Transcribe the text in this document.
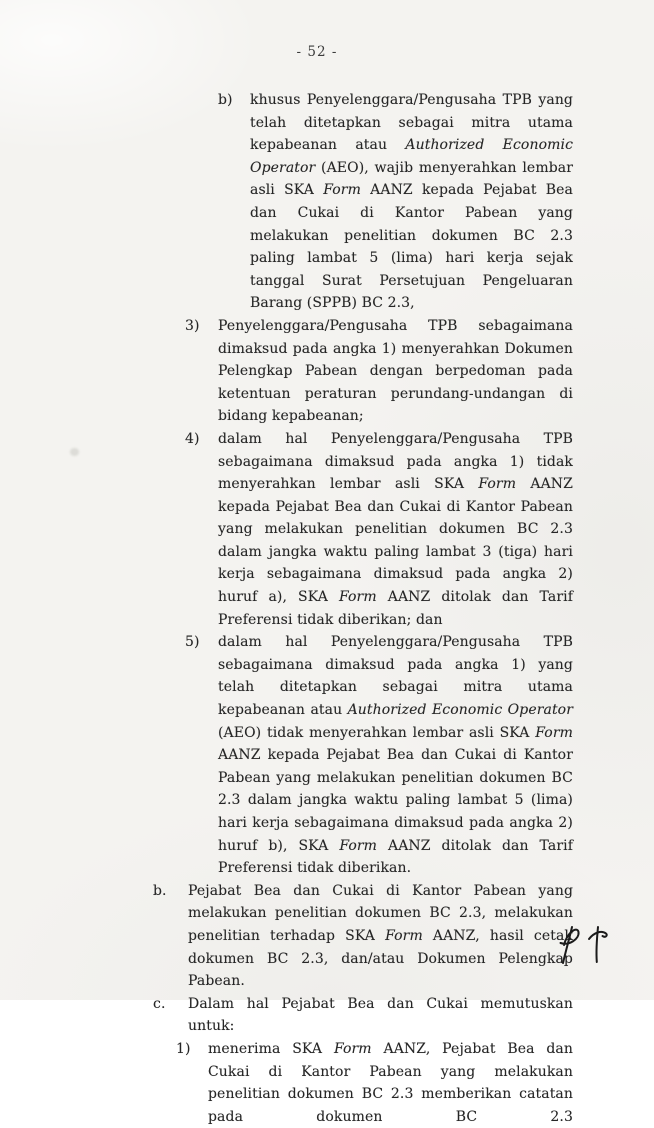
- 52 -
b) khusus Penyelenggara/Pengusaha TPB yang telah ditetapkan sebagai mitra utama kepabeanan atau Authorized Economic Operator (AEO), wajib menyerahkan lembar asli SKA Form AANZ kepada Pejabat Bea dan Cukai di Kantor Pabean yang melakukan penelitian dokumen BC 2.3 paling lambat 5 (lima) hari kerja sejak tanggal Surat Persetujuan Pengeluaran Barang (SPPB) BC 2.3,
3) Penyelenggara/Pengusaha TPB sebagaimana dimaksud pada angka 1) menyerahkan Dokumen Pelengkap Pabean dengan berpedoman pada ketentuan peraturan perundang-undangan di bidang kepabeanan;
4) dalam hal Penyelenggara/Pengusaha TPB sebagaimana dimaksud pada angka 1) tidak menyerahkan lembar asli SKA Form AANZ kepada Pejabat Bea dan Cukai di Kantor Pabean yang melakukan penelitian dokumen BC 2.3 dalam jangka waktu paling lambat 3 (tiga) hari kerja sebagaimana dimaksud pada angka 2) huruf a), SKA Form AANZ ditolak dan Tarif Preferensi tidak diberikan; dan
5) dalam hal Penyelenggara/Pengusaha TPB sebagaimana dimaksud pada angka 1) yang telah ditetapkan sebagai mitra utama kepabeanan atau Authorized Economic Operator (AEO) tidak menyerahkan lembar asli SKA Form AANZ kepada Pejabat Bea dan Cukai di Kantor Pabean yang melakukan penelitian dokumen BC 2.3 dalam jangka waktu paling lambat 5 (lima) hari kerja sebagaimana dimaksud pada angka 2) huruf b), SKA Form AANZ ditolak dan Tarif Preferensi tidak diberikan.
b. Pejabat Bea dan Cukai di Kantor Pabean yang melakukan penelitian dokumen BC 2.3, melakukan penelitian terhadap SKA Form AANZ, hasil cetak dokumen BC 2.3, dan/atau Dokumen Pelengkap Pabean.
c. Dalam hal Pejabat Bea dan Cukai memutuskan untuk:
1) menerima SKA Form AANZ, Pejabat Bea dan Cukai di Kantor Pabean yang melakukan penelitian dokumen BC 2.3 memberikan catatan pada dokumen BC 2.3
